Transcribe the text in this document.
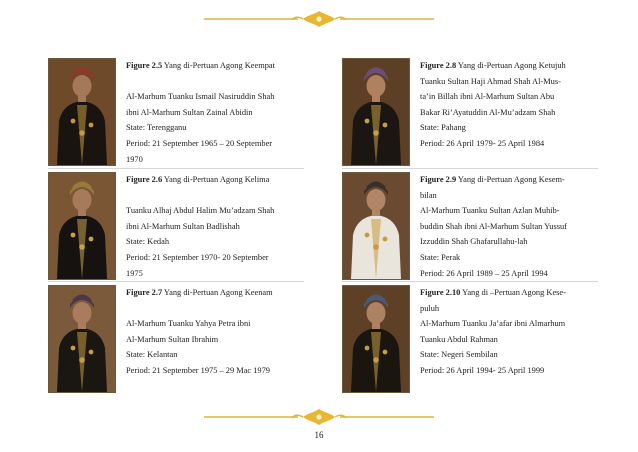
Figure 2.5 Yang di-Pertuan Agong Keempat
Al-Marhum Tuanku Ismail Nasiruddin Shah
ibni Al-Marhum Sultan Zainal Abidin
State: Terengganu
Period: 21 September 1965 – 20 September
1970
Figure 2.8 Yang di-Pertuan Agong Ketujuh
Tuanku Sultan Haji Ahmad Shah Al-Mus-
ta’in Billah ibni Al-Marhum Sultan Abu
Bakar Ri’Ayatuddin Al-Mu’adzam Shah
State: Pahang
Period: 26 April 1979- 25 April 1984
Figure 2.6 Yang di-Pertuan Agong Kelima
Tuanku Alhaj Abdul Halim Mu’adzam Shah
ibni Al-Marhum Sultan Badlishah
State: Kedah
Period: 21 September 1970- 20 September
1975
Figure 2.9 Yang di-Pertuan Agong Kesem-
bilan
Al-Marhum Tuanku Sultan Azlan Muhib-
buddin Shah ibni Al-Marhum Sultan Yussuf
Izzuddin Shah Ghafarullahu-lah
State: Perak
Period: 26 April 1989 – 25 April 1994
Figure 2.7 Yang di-Pertuan Agong Keenam
Al-Marhum Tuanku Yahya Petra ibni
Al-Marhum Sultan Ibrahim
State: Kelantan
Period: 21 September 1975 – 29 Mac 1979
Figure 2.10 Yang di –Pertuan Agong Kese-
puluh
Al-Marhum Tuanku Ja’afar ibni Almarhum
Tuanku Abdul Rahman
State: Negeri Sembilan
Period: 26 April 1994- 25 April 1999
16
